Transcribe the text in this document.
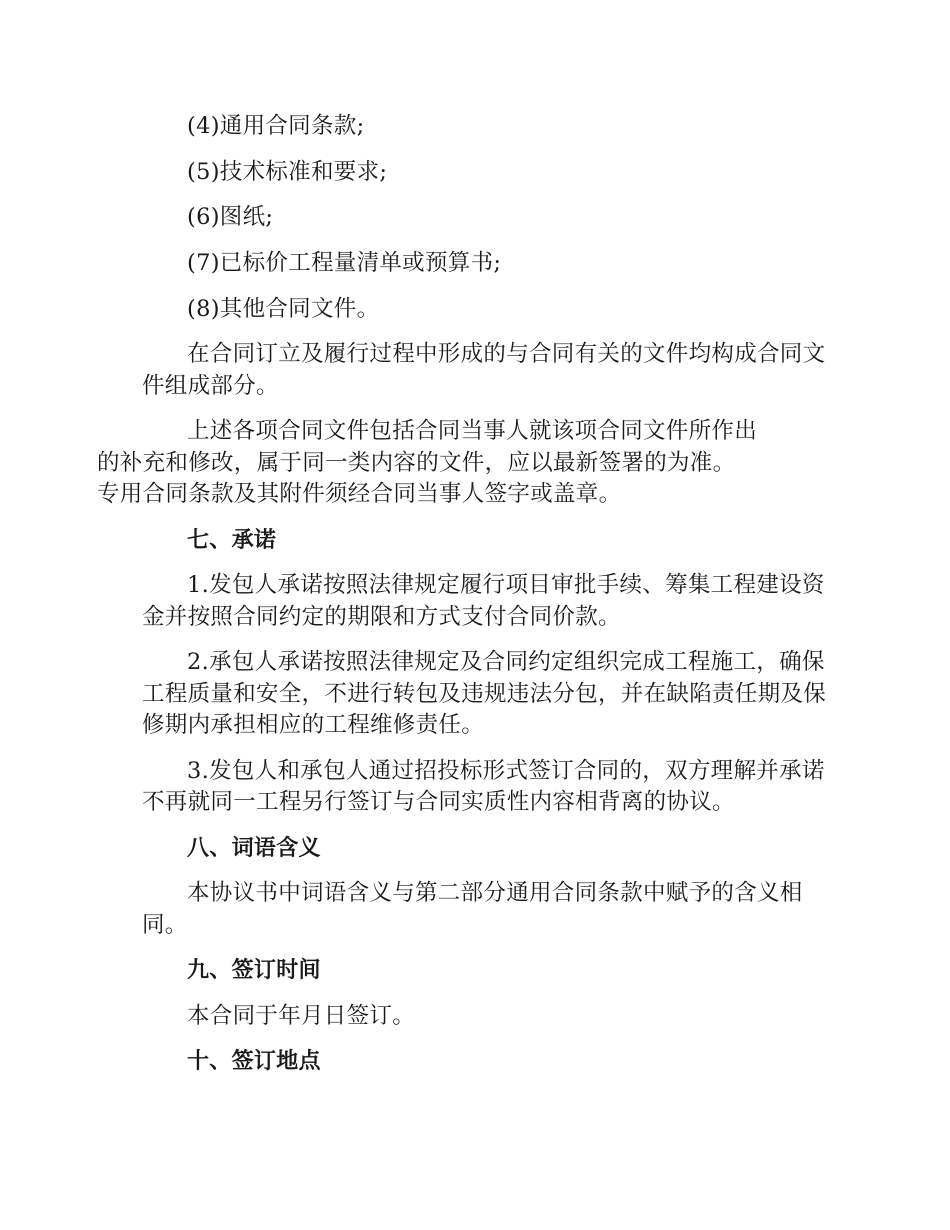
(4)通用合同条款;

(5)技术标准和要求;

(6)图纸;

(7)已标价工程量清单或预算书;

(8)其他合同文件。

在合同订立及履行过程中形成的与合同有关的文件均构成合同文件组成部分。

上述各项合同文件包括合同当事人就该项合同文件所作出
的补充和修改，属于同一类内容的文件，应以最新签署的为准。
专用合同条款及其附件须经合同当事人签字或盖章。

七、承诺

1.发包人承诺按照法律规定履行项目审批手续、筹集工程建设资金并按照合同约定的期限和方式支付合同价款。

2.承包人承诺按照法律规定及合同约定组织完成工程施工，确保工程质量和安全，不进行转包及违规违法分包，并在缺陷责任期及保修期内承担相应的工程维修责任。

3.发包人和承包人通过招投标形式签订合同的，双方理解并承诺不再就同一工程另行签订与合同实质性内容相背离的协议。

八、词语含义

本协议书中词语含义与第二部分通用合同条款中赋予的含义相同。

九、签订时间

本合同于年月日签订。

十、签订地点
